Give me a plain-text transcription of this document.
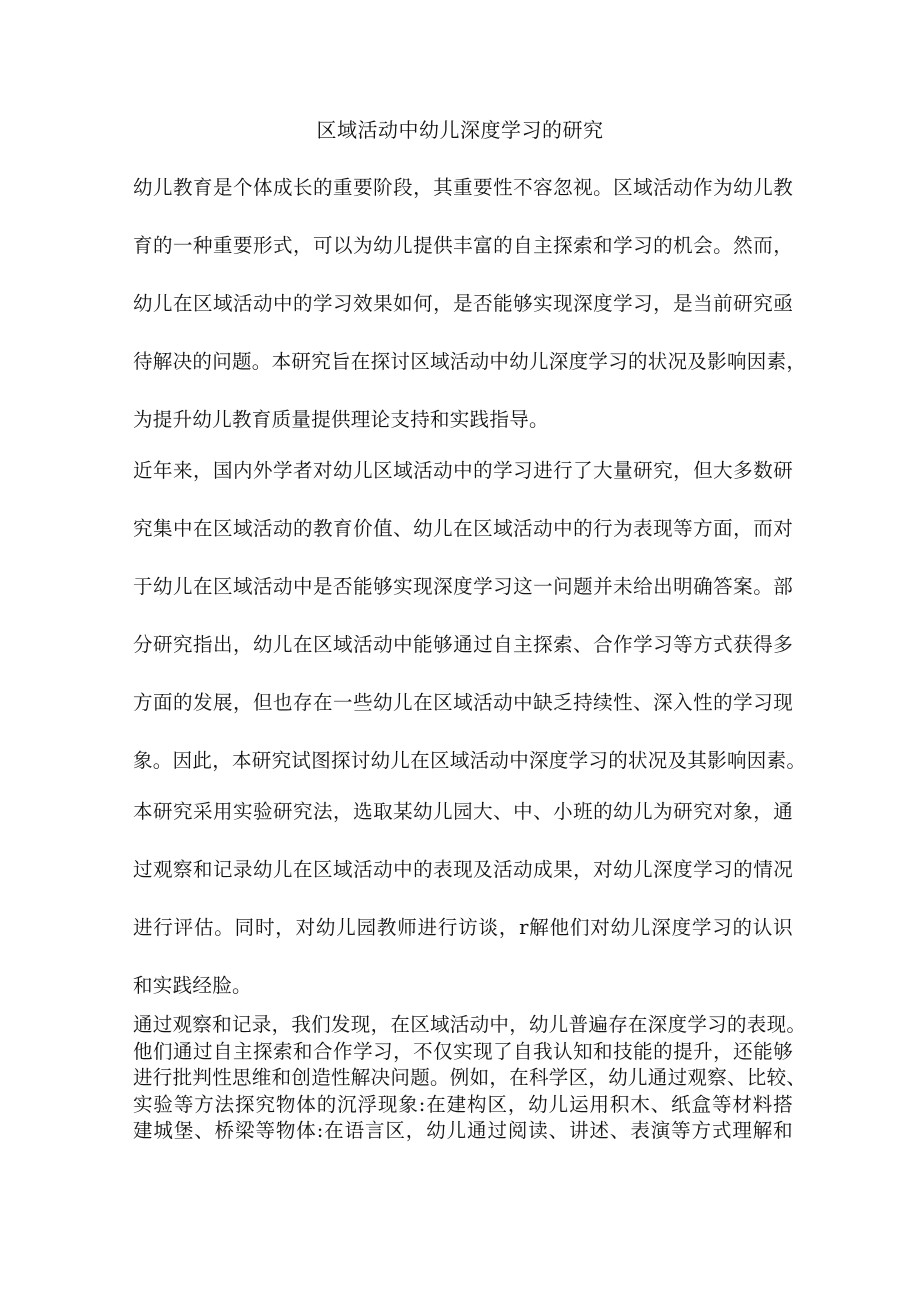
区域活动中幼儿深度学习的研究
幼儿教育是个体成长的重要阶段，其重要性不容忽视。区域活动作为幼儿教
育的一种重要形式，可以为幼儿提供丰富的自主探索和学习的机会。然而，
幼儿在区域活动中的学习效果如何，是否能够实现深度学习，是当前研究亟
待解决的问题。本研究旨在探讨区域活动中幼儿深度学习的状况及影响因素，
为提升幼儿教育质量提供理论支持和实践指导。
近年来，国内外学者对幼儿区域活动中的学习进行了大量研究，但大多数研
究集中在区域活动的教育价值、幼儿在区域活动中的行为表现等方面，而对
于幼儿在区域活动中是否能够实现深度学习这一问题并未给出明确答案。部
分研究指出，幼儿在区域活动中能够通过自主探索、合作学习等方式获得多
方面的发展，但也存在一些幼儿在区域活动中缺乏持续性、深入性的学习现
象。因此，本研究试图探讨幼儿在区域活动中深度学习的状况及其影响因素。
本研究采用实验研究法，选取某幼儿园大、中、小班的幼儿为研究对象，通
过观察和记录幼儿在区域活动中的表现及活动成果，对幼儿深度学习的情况
进行评估。同时，对幼儿园教师进行访谈，r解他们对幼儿深度学习的认识
和实践经脸。
通过观察和记录，我们发现，在区域活动中，幼儿普遍存在深度学习的表现。
他们通过自主探索和合作学习，不仅实现了自我认知和技能的提升，还能够
进行批判性思维和创造性解决问题。例如，在科学区，幼儿通过观察、比较、
实验等方法探究物体的沉浮现象:在建构区，幼儿运用积木、纸盒等材料搭
建城堡、桥梁等物体:在语言区，幼儿通过阅读、讲述、表演等方式理解和
